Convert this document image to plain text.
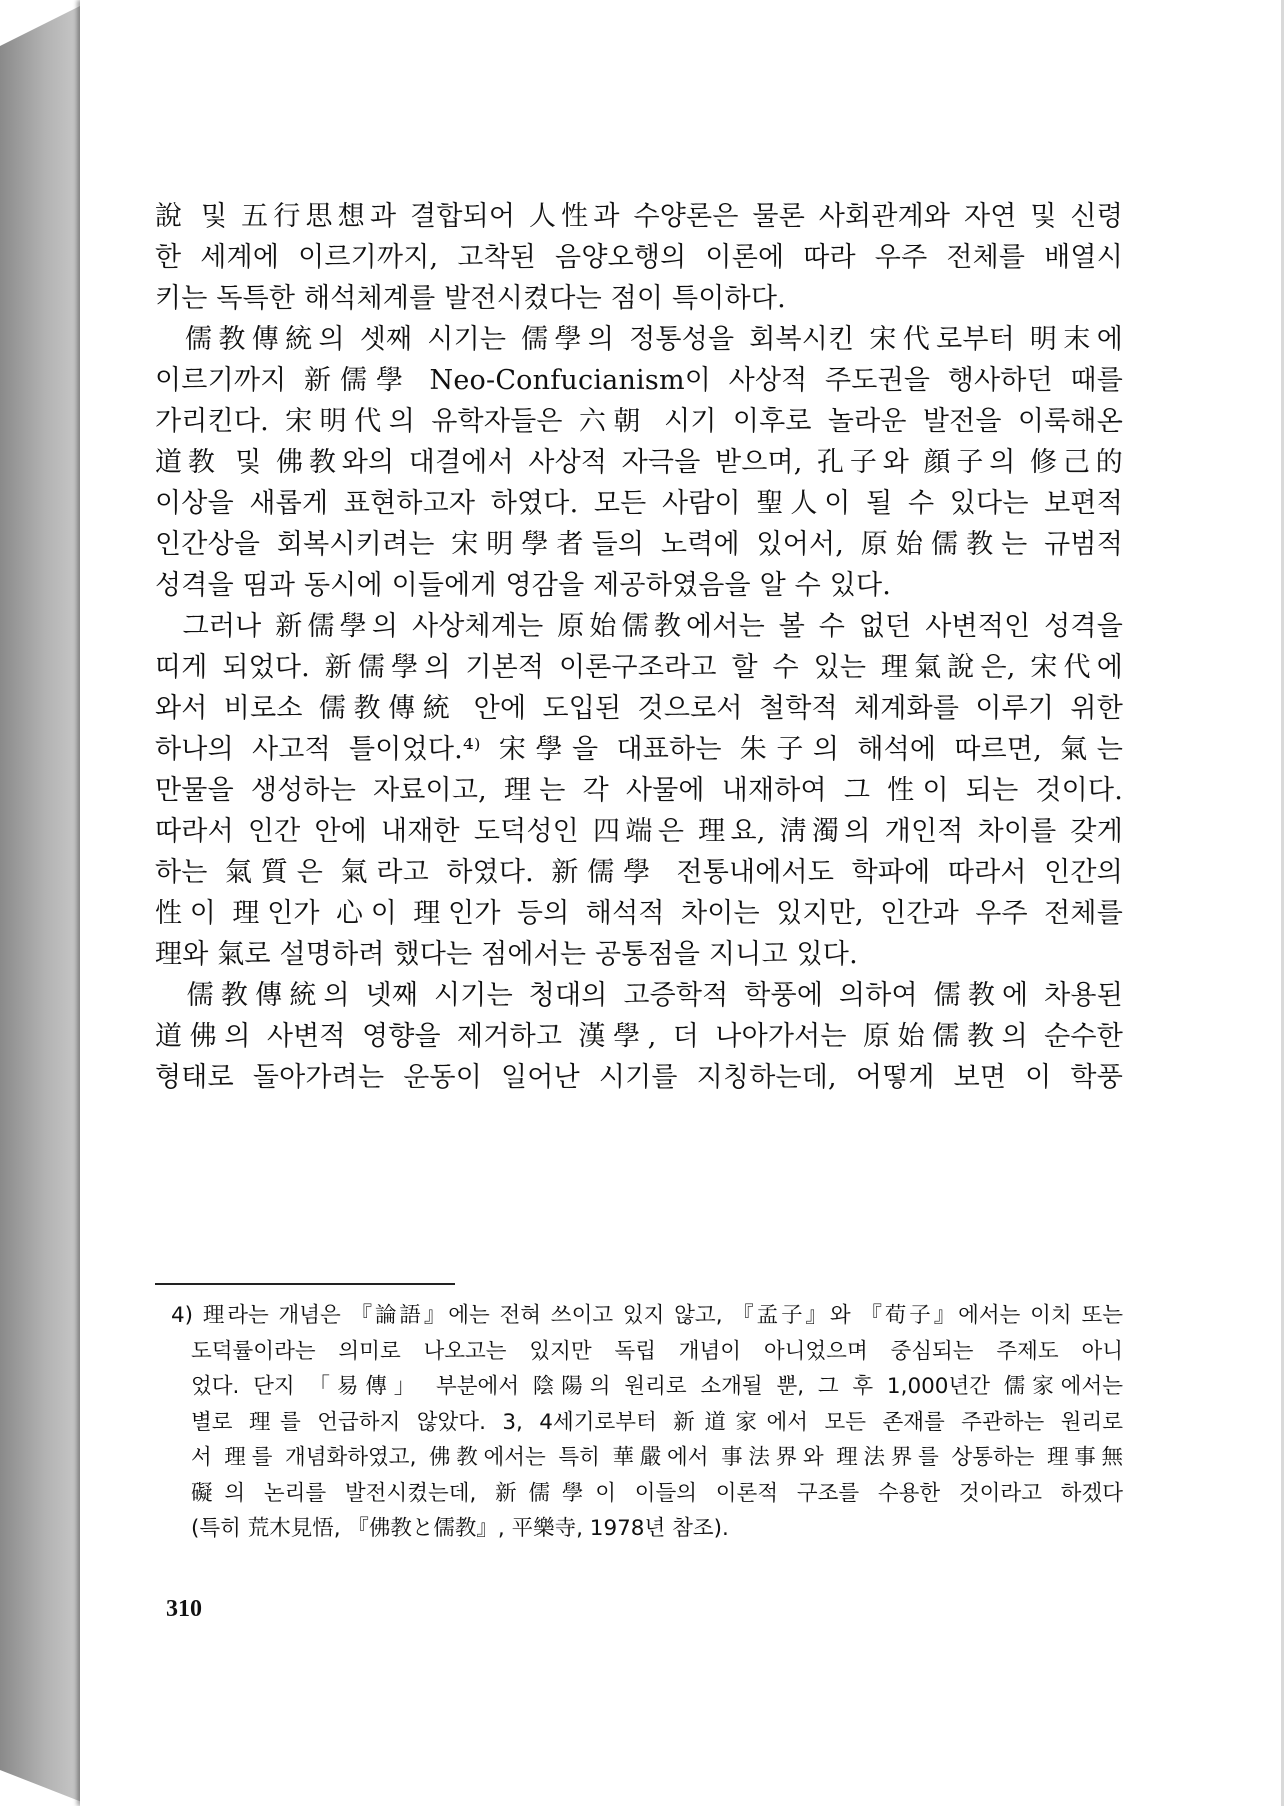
說 및 五行思想과 결합되어 人性과 수양론은 물론 사회관계와 자연 및 신령
한 세계에 이르기까지, 고착된 음양오행의 이론에 따라 우주 전체를 배열시
키는 독특한 해석체계를 발전시켰다는 점이 특이하다.
儒教傳統의 셋째 시기는 儒學의 정통성을 회복시킨 宋代로부터 明末에
이르기까지 新儒學 Neo-Confucianism이 사상적 주도권을 행사하던 때를
가리킨다. 宋明代의 유학자들은 六朝 시기 이후로 놀라운 발전을 이룩해온
道教 및 佛教와의 대결에서 사상적 자극을 받으며, 孔子와 顔子의 修己的
이상을 새롭게 표현하고자 하였다. 모든 사람이 聖人이 될 수 있다는 보편적
인간상을 회복시키려는 宋明學者들의 노력에 있어서, 原始儒教는 규범적
성격을 띰과 동시에 이들에게 영감을 제공하였음을 알 수 있다.
그러나 新儒學의 사상체계는 原始儒教에서는 볼 수 없던 사변적인 성격을
띠게 되었다. 新儒學의 기본적 이론구조라고 할 수 있는 理氣說은, 宋代에
와서 비로소 儒教傳統 안에 도입된 것으로서 철학적 체계화를 이루기 위한
하나의 사고적 틀이었다.⁴⁾ 宋學을 대표하는 朱子의 해석에 따르면, 氣는
만물을 생성하는 자료이고, 理는 각 사물에 내재하여 그 性이 되는 것이다.
따라서 인간 안에 내재한 도덕성인 四端은 理요, 淸濁의 개인적 차이를 갖게
하는 氣質은 氣라고 하였다. 新儒學 전통내에서도 학파에 따라서 인간의
性이 理인가 心이 理인가 등의 해석적 차이는 있지만, 인간과 우주 전체를
理와 氣로 설명하려 했다는 점에서는 공통점을 지니고 있다.
儒教傳統의 넷째 시기는 청대의 고증학적 학풍에 의하여 儒教에 차용된
道佛의 사변적 영향을 제거하고 漢學, 더 나아가서는 原始儒教의 순수한
형태로 돌아가려는 운동이 일어난 시기를 지칭하는데, 어떻게 보면 이 학풍
4) 理라는 개념은 『論語』에는 전혀 쓰이고 있지 않고, 『孟子』와 『荀子』에서는 이치 또는
도덕률이라는 의미로 나오고는 있지만 독립 개념이 아니었으며 중심되는 주제도 아니
었다. 단지 「易傳」 부분에서 陰陽의 원리로 소개될 뿐, 그 후 1,000년간 儒家에서는
별로 理를 언급하지 않았다. 3, 4세기로부터 新道家에서 모든 존재를 주관하는 원리로
서 理를 개념화하였고, 佛教에서는 특히 華嚴에서 事法界와 理法界를 상통하는 理事無
礙의 논리를 발전시켰는데, 新儒學이 이들의 이론적 구조를 수용한 것이라고 하겠다
(특히 荒木見悟, 『佛教と儒教』, 平樂寺, 1978년 참조).
310
